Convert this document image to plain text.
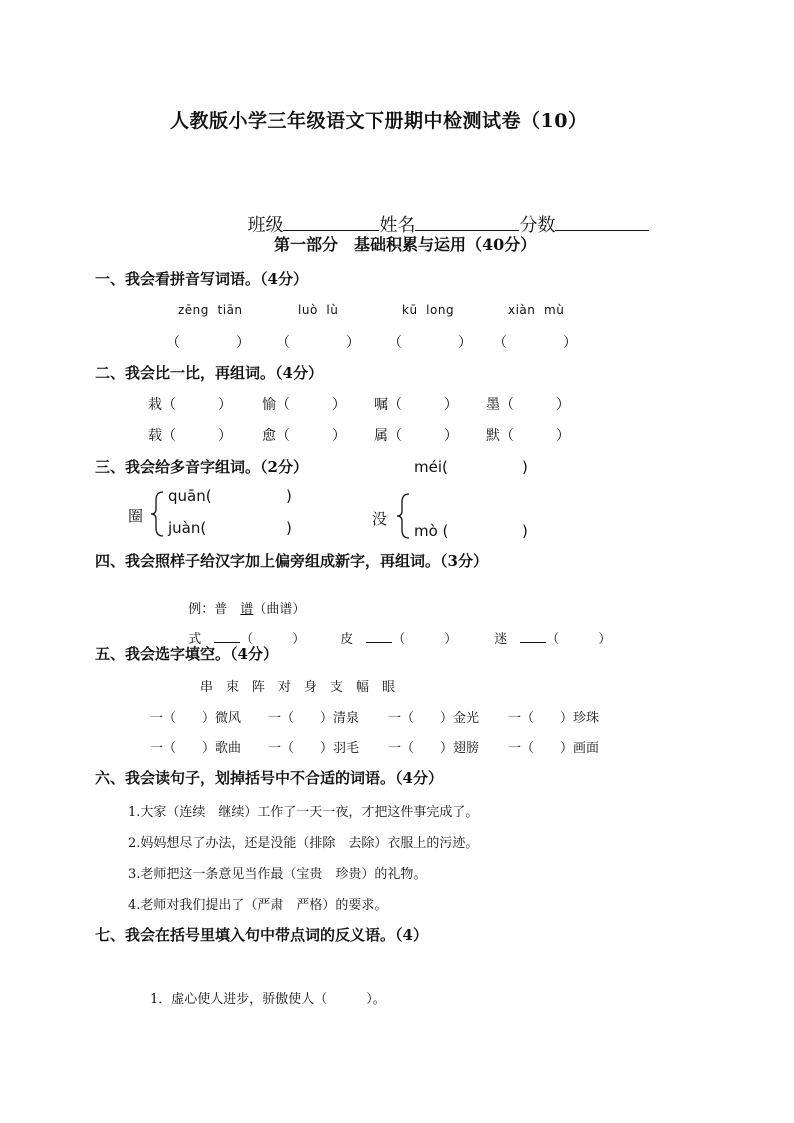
人教版小学三年级语文下册期中检测试卷（10）

班级	姓名	分数

第一部分　基础积累与运用（40分）
一、我会看拼音写词语。（4分）
zēng  tiān	luò  lù	kū  long	xiàn  mù
（　　　　） （　　　　） （　　　　） （　　　　）
二、我会比一比，再组词。（4分）
栽（　　　） 愉（　　　） 嘱（　　　） 墨（　　　）
载（　　　） 愈（　　　） 属（　　　） 默（　　　）
三、我会给多音字组词。（2分）	méi(	)
圈
quān(	)
juàn(	)	没
mò (	)
四、我会照样子给汉字加上偏旁组成新字，再组词。（3分）

例：普　 谱（曲谱）

式　	（　　　）	皮　	（　　　）	迷　	（　　　）

五、我会选字填空。（4分）
串　束　阵　对　身　支　幅　眼
一（　　）微风 一（　　）清泉 一（　　）金光 一（　　）珍珠
一（　　）歌曲 一（　　）羽毛 一（　　）翅膀 一（　　）画面
六、我会读句子，划掉括号中不合适的词语。（4分）
1.大家（连续　继续）工作了一天一夜，才把这件事完成了。
2.妈妈想尽了办法，还是没能（排除　去除）衣服上的污迹。
3.老师把这一条意见当作最（宝贵　珍贵）的礼物。
4.老师对我们提出了（严肃　严格）的要求。
七、我会在括号里填入句中带点词的反义语。（4）
1．虚心使人进步，骄傲使人（　　　）。
